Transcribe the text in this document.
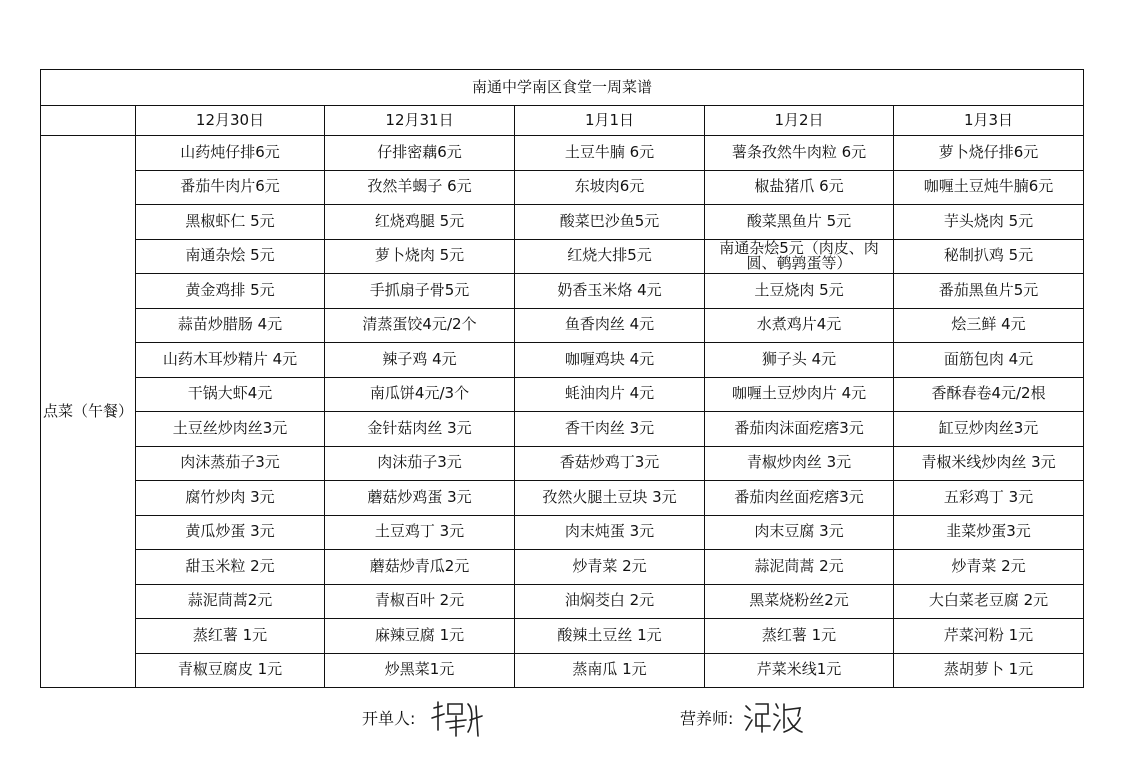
南通中学南区食堂一周菜谱					
	12月30日	12月31日	1月1日	1月2日	1月3日
点菜（午餐）	山药炖仔排6元	仔排密藕6元	土豆牛腩 6元	薯条孜然牛肉粒 6元	萝卜烧仔排6元
	番茄牛肉片6元	孜然羊蝎子 6元	东坡肉6元	椒盐猪爪 6元	咖喱土豆炖牛腩6元
	黑椒虾仁 5元	红烧鸡腿 5元	酸菜巴沙鱼5元	酸菜黑鱼片 5元	芋头烧肉 5元
	南通杂烩 5元	萝卜烧肉 5元	红烧大排5元	南通杂烩5元（肉皮、肉圆、鹌鹑蛋等）	秘制扒鸡 5元
	黄金鸡排 5元	手抓扇子骨5元	奶香玉米烙 4元	土豆烧肉 5元	番茄黑鱼片5元
	蒜苗炒腊肠 4元	清蒸蛋饺4元/2个	鱼香肉丝 4元	水煮鸡片4元	烩三鲜 4元
	山药木耳炒精片 4元	辣子鸡 4元	咖喱鸡块 4元	狮子头 4元	面筋包肉 4元
	干锅大虾4元	南瓜饼4元/3个	蚝油肉片 4元	咖喱土豆炒肉片 4元	香酥春卷4元/2根
	土豆丝炒肉丝3元	金针菇肉丝 3元	香干肉丝 3元	番茄肉沫面疙瘩3元	缸豆炒肉丝3元
	肉沫蒸茄子3元	肉沫茄子3元	香菇炒鸡丁3元	青椒炒肉丝 3元	青椒米线炒肉丝 3元
	腐竹炒肉 3元	蘑菇炒鸡蛋 3元	孜然火腿土豆块 3元	番茄肉丝面疙瘩3元	五彩鸡丁 3元
	黄瓜炒蛋 3元	土豆鸡丁 3元	肉末炖蛋 3元	肉末豆腐 3元	韭菜炒蛋3元
	甜玉米粒 2元	蘑菇炒青瓜2元	炒青菜 2元	蒜泥茼蒿 2元	炒青菜 2元
	蒜泥茼蒿2元	青椒百叶 2元	油焖茭白 2元	黑菜烧粉丝2元	大白菜老豆腐 2元
	蒸红薯 1元	麻辣豆腐 1元	酸辣土豆丝 1元	蒸红薯 1元	芹菜河粉 1元
	青椒豆腐皮 1元	炒黑菜1元	蒸南瓜 1元	芹菜米线1元	蒸胡萝卜 1元
开单人:	营养师:
